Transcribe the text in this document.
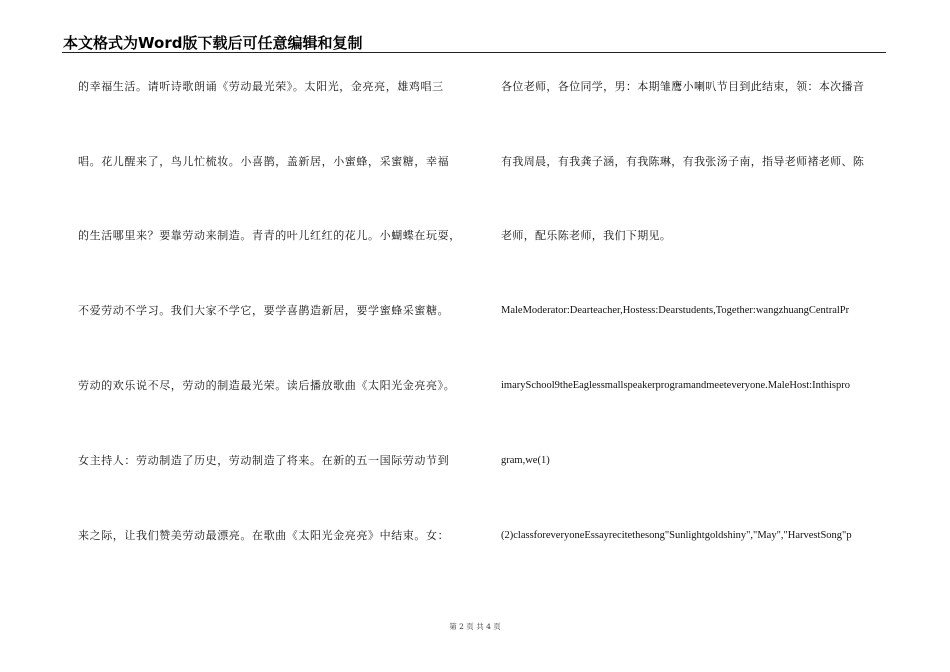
本文格式为Word版下载后可任意编辑和复制
的幸福生活。请听诗歌朗诵《劳动最光荣》。太阳光，金亮亮，雄鸡唱三
唱。花儿醒来了，鸟儿忙梳妆。小喜鹊，盖新居，小蜜蜂，采蜜糖，幸福
的生活哪里来？要靠劳动来制造。青青的叶儿红红的花儿。小蝴蝶在玩耍，
不爱劳动不学习。我们大家不学它，要学喜鹊造新居，要学蜜蜂采蜜糖。
劳动的欢乐说不尽，劳动的制造最光荣。读后播放歌曲《太阳光金亮亮》。
女主持人：劳动制造了历史，劳动制造了将来。在新的五一国际劳动节到
来之际，让我们赞美劳动最漂亮。在歌曲《太阳光金亮亮》中结束。女：
各位老师，各位同学，男：本期雏鹰小喇叭节目到此结束，领：本次播音
有我周晨，有我龚子涵，有我陈琳，有我张汤子南，指导老师褚老师、陈
老师，配乐陈老师，我们下期见。
MaleModerator:Dearteacher,Hostess:Dearstudents,Together:wangzhuangCentralPr
imarySchool9theEaglessmallspeakerprogramandmeeteveryone.MaleHost:Inthispro
gram,we(1)
(2)classforeveryoneEssayrecitethesong"Sunlightgoldshiny","May","HarvestSong"p
第 2 页 共 4 页
